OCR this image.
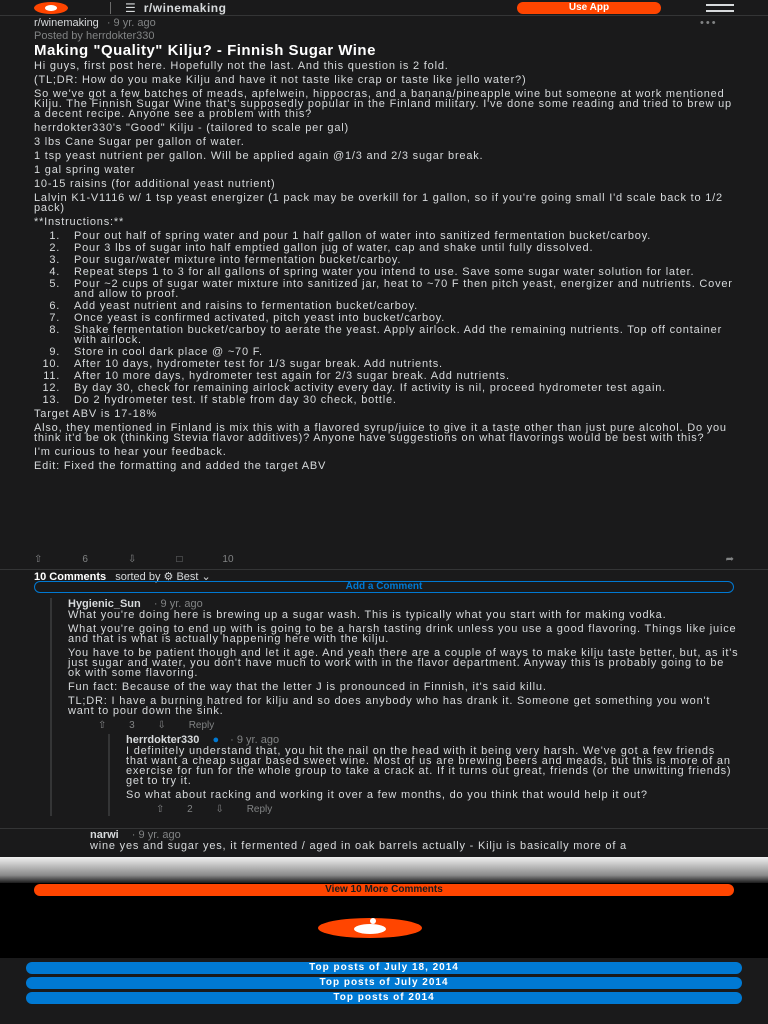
☰ r/winemaking	Use App
r/winemaking · 9 yr. ago	•••
Posted by herrdokter330
Making "Quality" Kilju? - Finnish Sugar Wine

Hi guys, first post here. Hopefully not the last. And this question is 2 fold.

(TL;DR: How do you make Kilju and have it not taste like crap or taste like jello water?)

So we've got a few batches of meads, apfelwein, hippocras, and a banana/pineapple wine but someone at work mentioned Kilju. The Finnish Sugar Wine that's supposedly popular in the Finland military. I've done some reading and tried to brew up a decent recipe. Anyone see a problem with this?

herrdokter330's "Good" Kilju - (tailored to scale per gal)

3 lbs Cane Sugar per gallon of water.

1 tsp yeast nutrient per gallon. Will be applied again @1/3 and 2/3 sugar break.

1 gal spring water

10-15 raisins (for additional yeast nutrient)

Lalvin K1-V1116 w/ 1 tsp yeast energizer (1 pack may be overkill for 1 gallon, so if you're going small I'd scale back to 1/2 pack)

**Instructions:**

1. Pour out half of spring water and pour 1 half gallon of water into sanitized fermentation bucket/carboy.
2. Pour 3 lbs of sugar into half emptied gallon jug of water, cap and shake until fully dissolved.
3. Pour sugar/water mixture into fermentation bucket/carboy.
4. Repeat steps 1 to 3 for all gallons of spring water you intend to use. Save some sugar water solution for later.
5. Pour ~2 cups of sugar water mixture into sanitized jar, heat to ~70 F then pitch yeast, energizer and nutrients. Cover and allow to proof.
6. Add yeast nutrient and raisins to fermentation bucket/carboy.
7. Once yeast is confirmed activated, pitch yeast into bucket/carboy.
8. Shake fermentation bucket/carboy to aerate the yeast. Apply airlock. Add the remaining nutrients. Top off container with airlock.
9. Store in cool dark place @ ~70 F.
10. After 10 days, hydrometer test for 1/3 sugar break. Add nutrients.
11. After 10 more days, hydrometer test again for 2/3 sugar break. Add nutrients.
12. By day 30, check for remaining airlock activity every day. If activity is nil, proceed hydrometer test again.
13. Do 2 hydrometer test. If stable from day 30 check, bottle.

Target ABV is 17-18%

Also, they mentioned in Finland is mix this with a flavored syrup/juice to give it a taste other than just pure alcohol. Do you think it'd be ok (thinking Stevia flavor additives)? Anyone have suggestions on what flavorings would be best with this?

I'm curious to hear your feedback.

Edit: Fixed the formatting and added the target ABV

⇧	6	⇩	□	10	➦
10 Comments sorted by ⚙ Best ⌄
Add a Comment
Hygienic_Sun · 9 yr. ago

What you're doing here is brewing up a sugar wash. This is typically what you start with for making vodka.

What you're going to end up with is going to be a harsh tasting drink unless you use a good flavoring. Things like juice and that is what is actually happening here with the kilju.

You have to be patient though and let it age. And yeah there are a couple of ways to make kilju taste better, but, as it's just sugar and water, you don't have much to work with in the flavor department. Anyway this is probably going to be ok with some flavoring.

Fun fact: Because of the way that the letter J is pronounced in Finnish, it's said killu.

TL;DR: I have a burning hatred for kilju and so does anybody who has drank it. Someone get something you won't want to pour down the sink.

⇧ 3 ⇩ Reply
herrdokter330 ● · 9 yr. ago

I definitely understand that, you hit the nail on the head with it being very harsh. We've got a few friends that want a cheap sugar based sweet wine. Most of us are brewing beers and meads, but this is more of an exercise for fun for the whole group to take a crack at. If it turns out great, friends (or the unwitting friends) get to try it.

So what about racking and working it over a few months, do you think that would help it out?

⇧ 2 ⇩ Reply
narwi · 9 yr. ago

wine yes and sugar yes, it fermented / aged in oak barrels actually - Kilju is basically more of a

View 10 More Comments
Top posts of July 18, 2014
Top posts of July 2014
Top posts of 2014
